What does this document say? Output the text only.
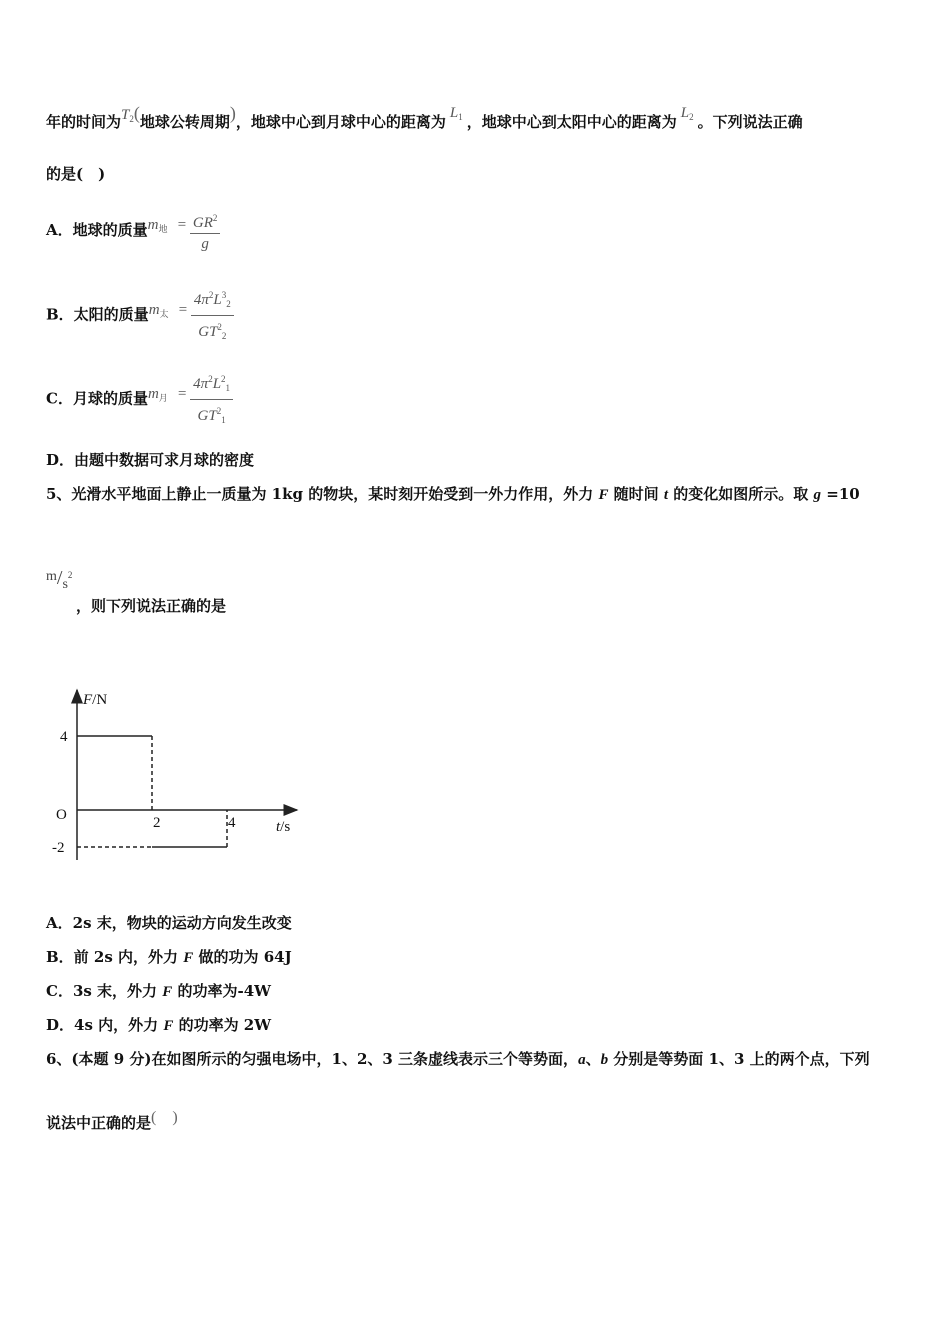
年的时间为$T_2$(地球公转周期)，地球中心到月球中心的距离为 $L_1$ ，地球中心到太阳中心的距离为 $L_2$ 。下列说法正确
的是(　)
A．地球的质量$m_地 = \frac{GR^2}{g}$
B．太阳的质量$m_太 = \frac{4\pi^2L^3_2}{GT^2_2}$
C．月球的质量$m_月 = \frac{4\pi^2L^2_1}{GT^2_1}$
D．由题中数据可求月球的密度
5、光滑水平地面上静止一质量为 1kg 的物块，某时刻开始受到一外力作用，外力 F 随时间 t 的变化如图所示。取 g =10
$m/s^2$
，则下列说法正确的是
F/N
t/s
O
4
-2
2	4
A．2s 末，物块的运动方向发生改变
B．前 2s 内，外力 F 做的功为 64J
C．3s 末，外力 F 的功率为-4W
D．4s 内，外力 F 的功率为 2W
6、(本题 9 分)在如图所示的匀强电场中，1、2、3 三条虚线表示三个等势面，a、b 分别是等势面 1、3 上的两个点，下列
说法中正确的是(　)
